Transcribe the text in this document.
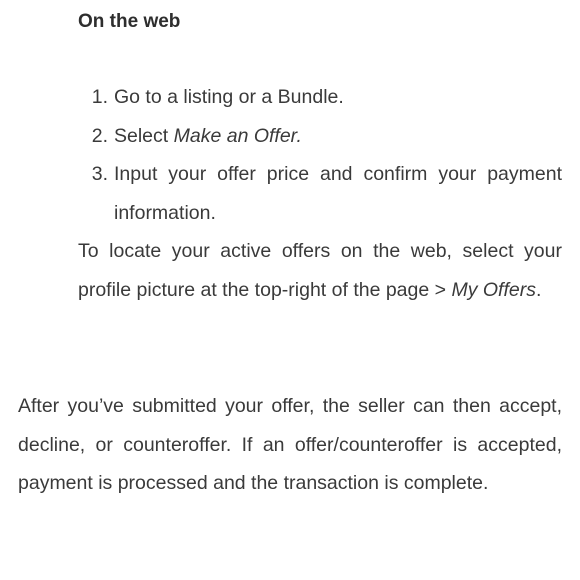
On the web
1. Go to a listing or a Bundle.
2. Select Make an Offer.
3. Input your offer price and confirm your payment information.

To locate your active offers on the web, select your profile picture at the top-right of the page > My Offers.

After you’ve submitted your offer, the seller can then accept, decline, or counteroffer. If an offer/counteroffer is accepted, payment is processed and the transaction is complete.
